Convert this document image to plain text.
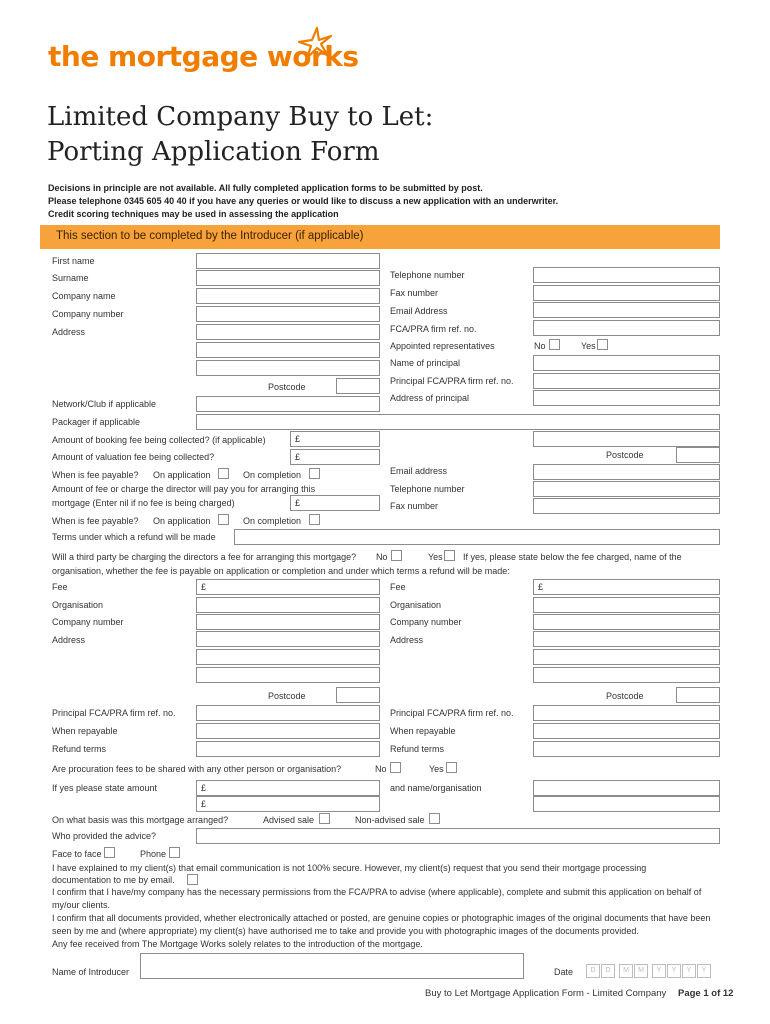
the mortgage works
Limited Company Buy to Let:
Porting Application Form
Decisions in principle are not available. All fully completed application forms to be submitted by post.
Please telephone 0345 605 40 40 if you have any queries or would like to discuss a new application with an underwriter.
Credit scoring techniques may be used in assessing the application
This section to be completed by the Introducer (if applicable)
First name
Surname
Company name
Company number
Address
Postcode
Network/Club if applicable
Packager if applicable
Amount of booking fee being collected? (if applicable)	£
Amount of valuation fee being collected?	£
When is fee payable? On application	On completion
Amount of fee or charge the director will pay you for arranging this
mortgage (Enter nil if no fee is being charged)	£
When is fee payable? On application	On completion
Terms under which a refund will be made
Telephone number
Fax number
Email Address
FCA/PRA firm ref. no.
Appointed representatives	No	Yes
Name of principal
Principal FCA/PRA firm ref. no.
Address of principal
Postcode
Email address
Telephone number
Fax number
Will a third party be charging the directors a fee for arranging this mortgage? No	Yes If yes, please state below the fee charged, name of the
organisation, whether the fee is payable on application or completion and under which terms a refund will be made:
Fee	£
Organisation
Company number
Address
Postcode
Principal FCA/PRA firm ref. no.
When repayable
Refund terms
Fee	£
Organisation
Company number
Address
Postcode
Principal FCA/PRA firm ref. no.
When repayable
Refund terms
Are procuration fees to be shared with any other person or organisation?	No	Yes
If yes please state amount	£
£
and name/organisation
On what basis was this mortgage arranged?	Advised sale	Non-advised sale
Who provided the advice?
Face to face	Phone
I have explained to my client(s) that email communication is not 100% secure. However, my client(s) request that you send their mortgage processing
documentation to me by email.
I confirm that I have/my company has the necessary permissions from the FCA/PRA to advise (where applicable), complete and submit this application on behalf of my/our clients.
I confirm that all documents provided, whether electronically attached or posted, are genuine copies or photographic images of the original documents that have been seen by me and (where appropriate) my client(s) have authorised me to take and provide you with photographic images of the documents provided.
Any fee received from The Mortgage Works solely relates to the introduction of the mortgage.
Name of Introducer	Date	D	D	M	M	Y	Y	Y	Y
Buy to Let Mortgage Application Form - Limited Company Page 1 of 12
